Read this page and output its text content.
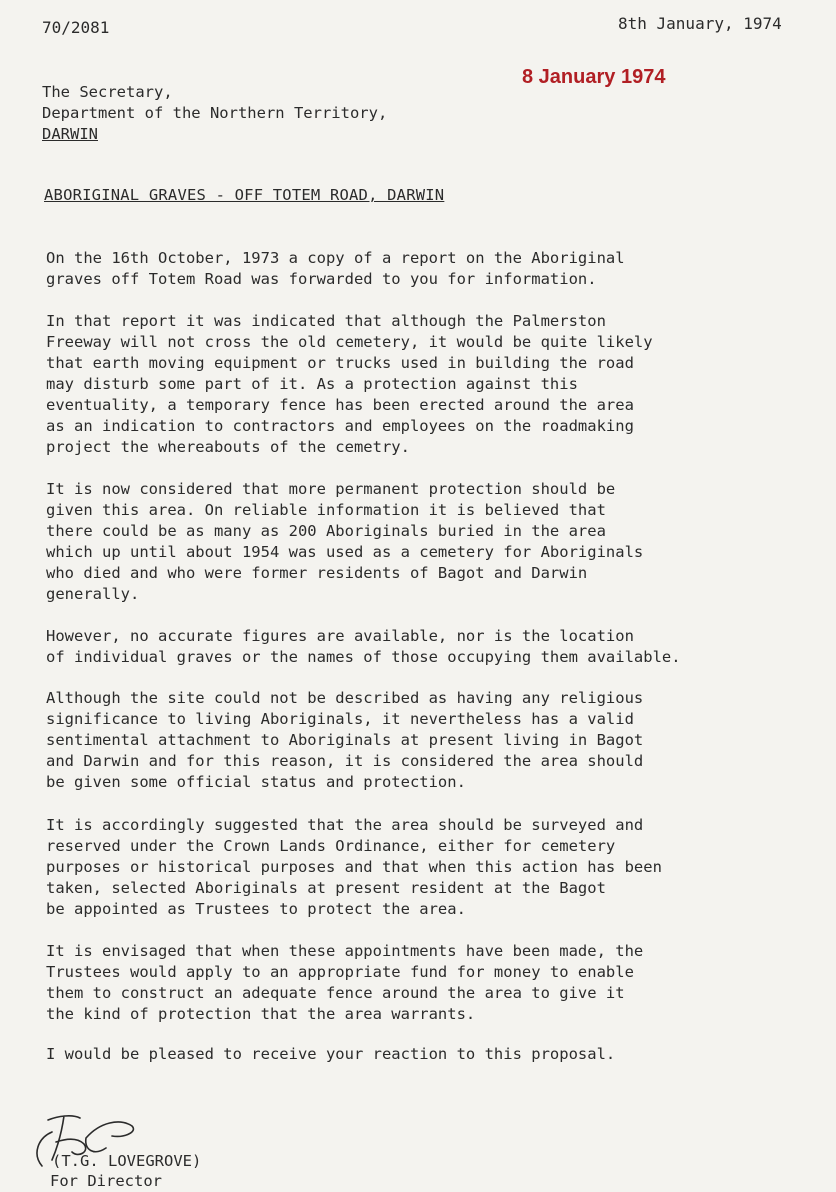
70/2081	8th January, 1974
8 January 1974
The Secretary,
Department of the Northern Territory,
DARWIN
ABORIGINAL GRAVES - OFF TOTEM ROAD, DARWIN
On the 16th October, 1973 a copy of a report on the Aboriginal
graves off Totem Road was forwarded to you for information.
In that report it was indicated that although the Palmerston
Freeway will not cross the old cemetery, it would be quite likely
that earth moving equipment or trucks used in building the road
may disturb some part of it. As a protection against this
eventuality, a temporary fence has been erected around the area
as an indication to contractors and employees on the roadmaking
project the whereabouts of the cemetry.
It is now considered that more permanent protection should be
given this area. On reliable information it is believed that
there could be as many as 200 Aboriginals buried in the area
which up until about 1954 was used as a cemetery for Aboriginals
who died and who were former residents of Bagot and Darwin
generally.
However, no accurate figures are available, nor is the location
of individual graves or the names of those occupying them available.
Although the site could not be described as having any religious
significance to living Aboriginals, it nevertheless has a valid
sentimental attachment to Aboriginals at present living in Bagot
and Darwin and for this reason, it is considered the area should
be given some official status and protection.
It is accordingly suggested that the area should be surveyed and
reserved under the Crown Lands Ordinance, either for cemetery
purposes or historical purposes and that when this action has been
taken, selected Aboriginals at present resident at the Bagot
be appointed as Trustees to protect the area.
It is envisaged that when these appointments have been made, the
Trustees would apply to an appropriate fund for money to enable
them to construct an adequate fence around the area to give it
the kind of protection that the area warrants.
I would be pleased to receive your reaction to this proposal.
(T.G. LOVEGROVE)
For Director
